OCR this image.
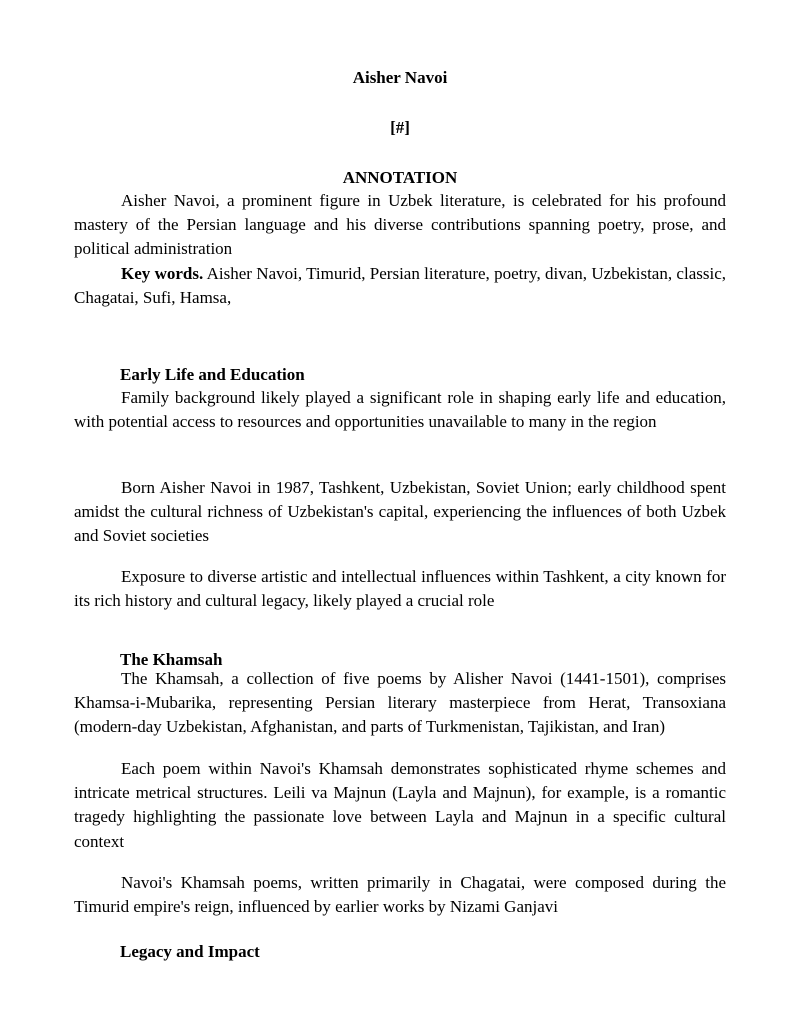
Aisher Navoi
[#]
ANNOTATION

Aisher Navoi, a prominent figure in Uzbek literature, is celebrated for his profound mastery of the Persian language and his diverse contributions spanning poetry, prose, and political administration

Key words. Aisher Navoi, Timurid, Persian literature, poetry, divan, Uzbekistan, classic, Chagatai, Sufi, Hamsa,

Early Life and Education

Family background likely played a significant role in shaping early life and education, with potential access to resources and opportunities unavailable to many in the region

Born Aisher Navoi in 1987, Tashkent, Uzbekistan, Soviet Union; early childhood spent amidst the cultural richness of Uzbekistan's capital, experiencing the influences of both Uzbek and Soviet societies

Exposure to diverse artistic and intellectual influences within Tashkent, a city known for its rich history and cultural legacy, likely played a crucial role

The Khamsah

The Khamsah, a collection of five poems by Alisher Navoi (1441-1501), comprises Khamsa-i-Mubarika, representing Persian literary masterpiece from Herat, Transoxiana (modern-day Uzbekistan, Afghanistan, and parts of Turkmenistan, Tajikistan, and Iran)

Each poem within Navoi's Khamsah demonstrates sophisticated rhyme schemes and intricate metrical structures. Leili va Majnun (Layla and Majnun), for example, is a romantic tragedy highlighting the passionate love between Layla and Majnun in a specific cultural context

Navoi's Khamsah poems, written primarily in Chagatai, were composed during the Timurid empire's reign, influenced by earlier works by Nizami Ganjavi

Legacy and Impact
